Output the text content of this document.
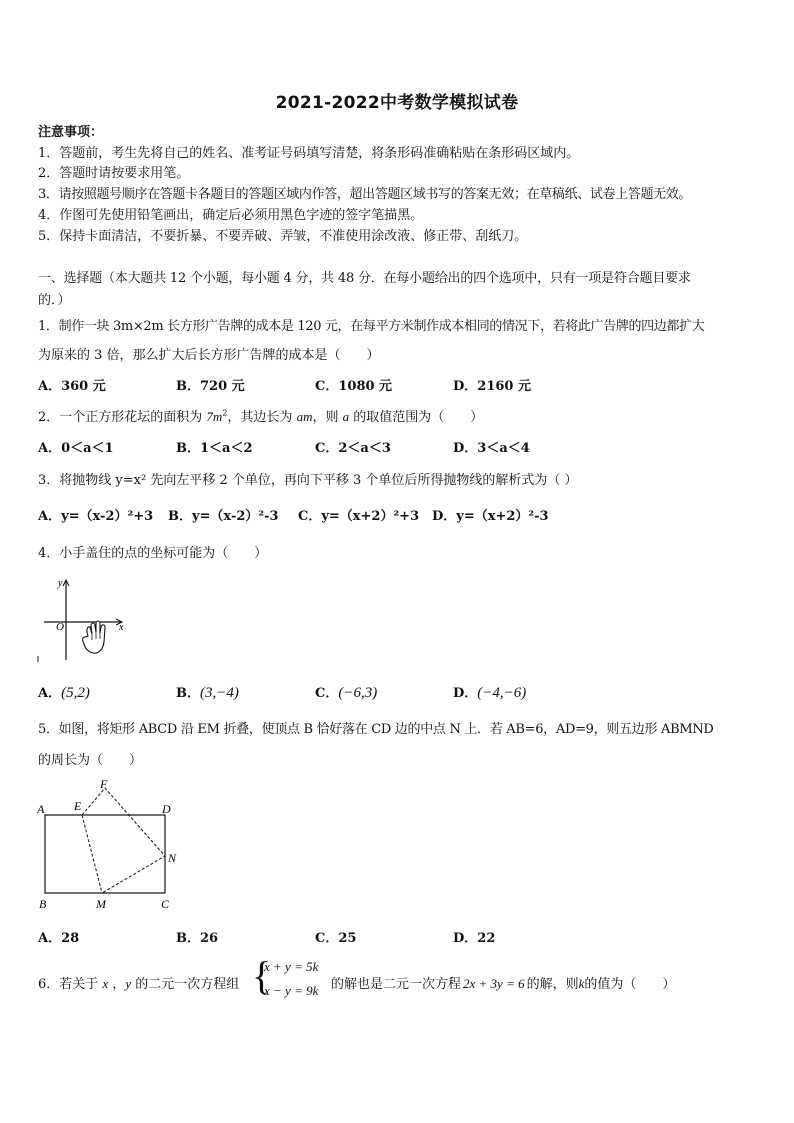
2021-2022中考数学模拟试卷
注意事项：
1．答题前，考生先将自己的姓名、准考证号码填写清楚，将条形码准确粘贴在条形码区域内。
2．答题时请按要求用笔。
3．请按照题号顺序在答题卡各题目的答题区域内作答，超出答题区域书写的答案无效；在草稿纸、试卷上答题无效。
4．作图可先使用铅笔画出，确定后必须用黑色字迹的签字笔描黑。
5．保持卡面清洁，不要折暴、不要弄破、弄皱，不准使用涂改液、修正带、刮纸刀。
一、选择题（本大题共 12 个小题，每小题 4 分，共 48 分．在每小题给出的四个选项中，只有一项是符合题目要求
的．）
1．制作一块 3m×2m 长方形广告牌的成本是 120 元，在每平方米制作成本相同的情况下，若将此广告牌的四边都扩大
为原来的 3 倍，那么扩大后长方形广告牌的成本是（　　）
A．360 元	B．720 元	C．1080 元	D．2160 元
2．一个正方形花坛的面积为 $7m^2$，其边长为 am，则 a 的取值范围为（　　）
A．0＜a＜1	B．1＜a＜2	C．2＜a＜3	D．3＜a＜4
3．将抛物线 y=x² 先向左平移 2 个单位，再向下平移 3 个单位后所得抛物线的解析式为（ ）
A．y=（x-2）²+3 B．y=（x-2）²-3 C．y=（x+2）²+3 D．y=（x+2）²-3
4．小手盖住的点的坐标可能为（　　）
y
x
O
A．(5,2)	B．(3,−4)	C．(−6,3)	D．(−4,−6)
5．如图，将矩形 ABCD 沿 EM 折叠，使顶点 B 恰好落在 CD 边的中点 N 上．若 AB=6，AD=9，则五边形 ABMND
的周长为（　　）
A E
F
D
N
B	M	C
A．28	B．26	C．25	D．22
6．若关于 x ，y 的二元一次方程组 {
x + y = 5k
x − y = 9k 的解也是二元一次方程 2x + 3y = 6 的解，则k的值为（　　）
